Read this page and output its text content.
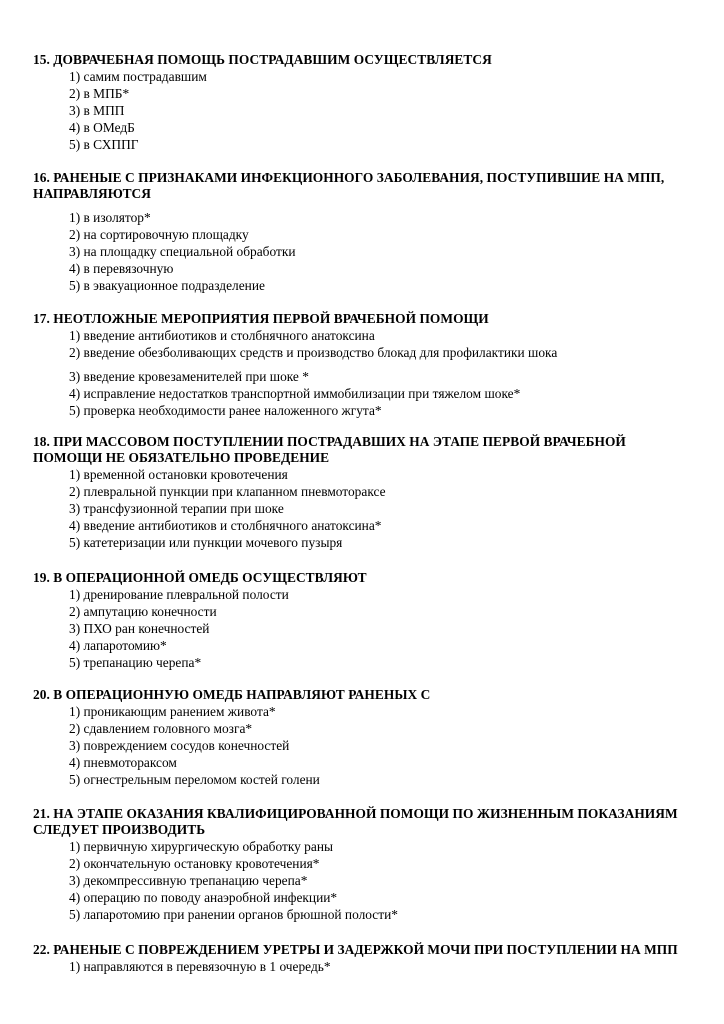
15. ДОВРАЧЕБНАЯ ПОМОЩЬ ПОСТРАДАВШИМ ОСУЩЕСТВЛЯЕТСЯ

1) самим пострадавшим
2) в МПБ*
3) в МПП
4) в ОМедБ
5) в СХППГ

16. РАНЕНЫЕ С ПРИЗНАКАМИ ИНФЕКЦИОННОГО ЗАБОЛЕВАНИЯ, ПОСТУПИВШИЕ НА МПП, НАПРАВЛЯЮТСЯ

1) в изолятор*
2) на сортировочную площадку
3) на площадку специальной обработки
4) в перевязочную
5) в эвакуационное подразделение

17. НЕОТЛОЖНЫЕ МЕРОПРИЯТИЯ ПЕРВОЙ ВРАЧЕБНОЙ ПОМОЩИ

1) введение антибиотиков и столбнячного анатоксина
2) введение обезболивающих средств и производство блокад для профилактики шока
3) введение кровезаменителей при шоке *
4) исправление недостатков транспортной иммобилизации при тяжелом шоке*
5) проверка необходимости ранее наложенного жгута*

18. ПРИ МАССОВОМ ПОСТУПЛЕНИИ ПОСТРАДАВШИХ НА ЭТАПЕ ПЕРВОЙ ВРАЧЕБНОЙ ПОМОЩИ НЕ ОБЯЗАТЕЛЬНО ПРОВЕДЕНИЕ

1) временной остановки кровотечения
2) плевральной пункции при клапанном пневмотораксе
3) трансфузионной терапии при шоке
4) введение антибиотиков и столбнячного анатоксина*
5) катетеризации или пункции мочевого пузыря

19. В ОПЕРАЦИОННОЙ ОМЕДБ ОСУЩЕСТВЛЯЮТ

1) дренирование плевральной полости
2) ампутацию конечности
3) ПХО ран конечностей
4) лапаротомию*
5) трепанацию черепа*

20. В ОПЕРАЦИОННУЮ ОМЕДБ НАПРАВЛЯЮТ РАНЕНЫХ С

1) проникающим ранением живота*
2) сдавлением головного мозга*
3) повреждением сосудов конечностей
4) пневмотораксом
5) огнестрельным переломом костей голени

21. НА ЭТАПЕ ОКАЗАНИЯ КВАЛИФИЦИРОВАННОЙ ПОМОЩИ ПО ЖИЗНЕННЫМ ПОКАЗАНИЯМ СЛЕДУЕТ ПРОИЗВОДИТЬ

1) первичную хирургическую обработку раны
2) окончательную остановку кровотечения*
3) декомпрессивную трепанацию черепа*
4) операцию по поводу анаэробной инфекции*
5) лапаротомию при ранении органов брюшной полости*

22. РАНЕНЫЕ С ПОВРЕЖДЕНИЕМ УРЕТРЫ И ЗАДЕРЖКОЙ МОЧИ ПРИ ПОСТУПЛЕНИИ НА МПП

1) направляются в перевязочную в 1 очередь*
